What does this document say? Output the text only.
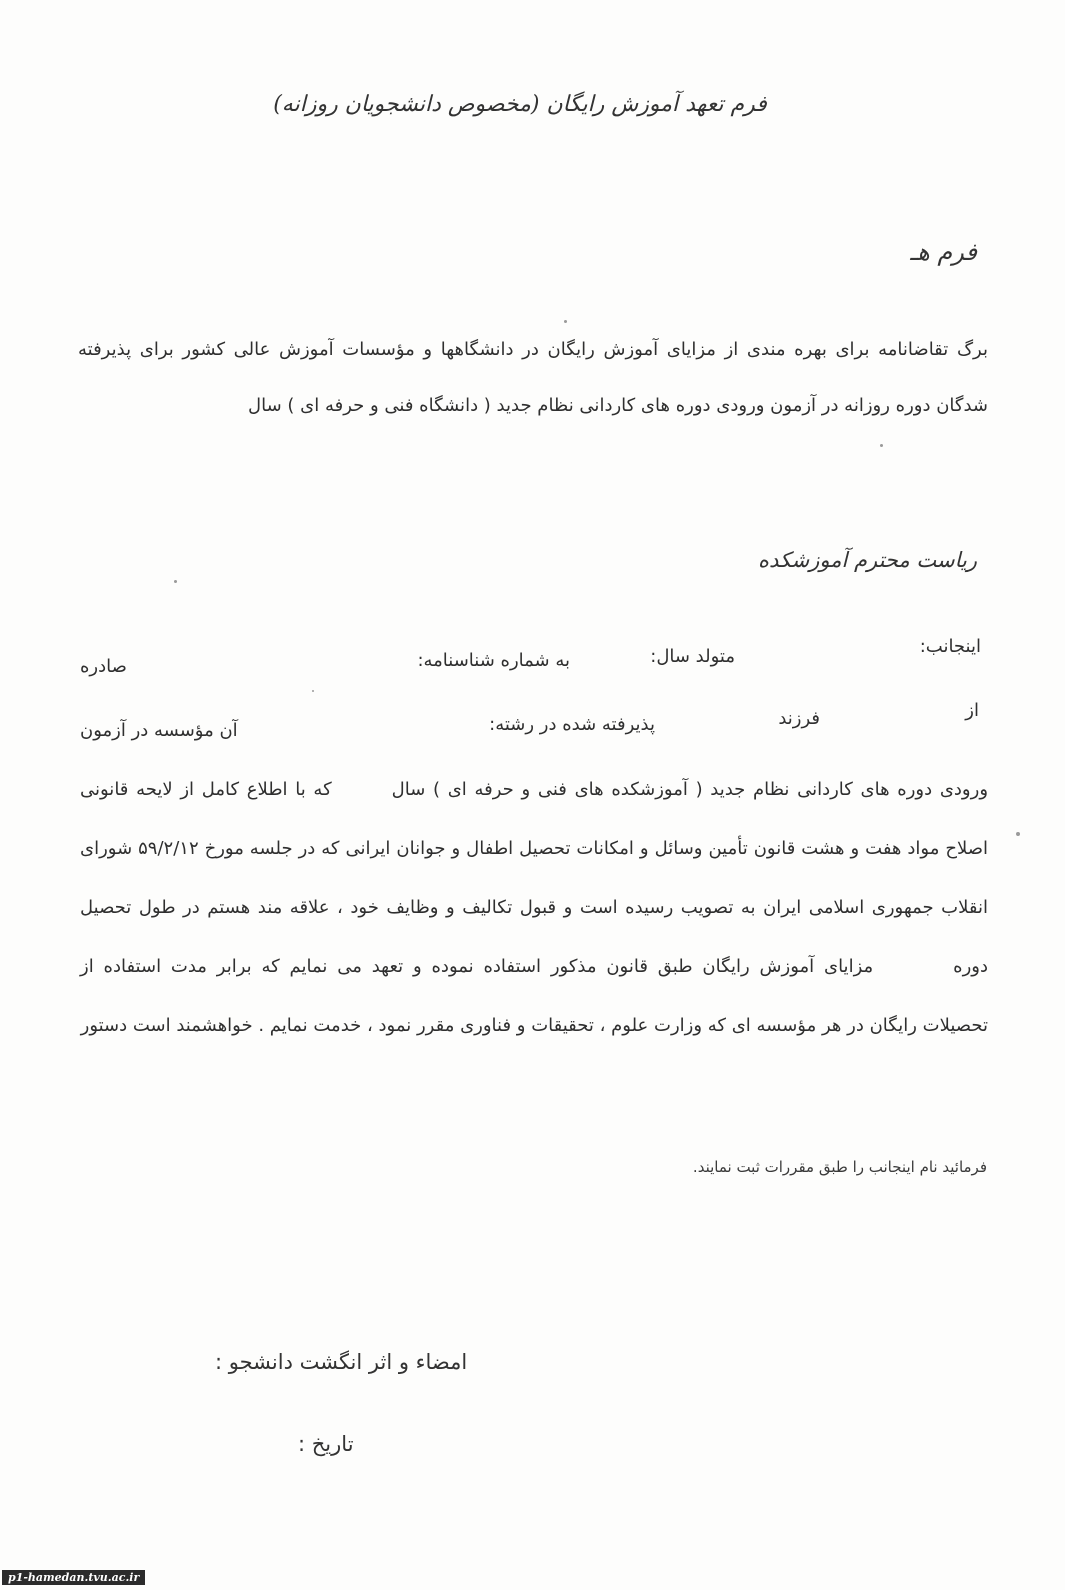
فرم تعهد آموزش رایگان (مخصوص دانشجویان روزانه)
فرم هـ
برگ تقاضانامه برای بهره مندی از مزایای آموزش رایگان در دانشگاهها و مؤسسات آموزش عالی کشور برای پذیرفته شدگان دوره روزانه در آزمون ورودی دوره های کاردانی نظام جدید ( دانشگاه فنی و حرفه ای ) سال
ریاست محترم آموزشکده
اینجانب:
متولد سال:
به شماره شناسنامه:
صادره
از
فرزند
پذیرفته شده در رشته:
آن مؤسسه در آزمون
ورودی دوره های کاردانی نظام جدید ( آموزشکده های فنی و حرفه ای ) سالکه با اطلاع کامل از لایحه قانونی اصلاح مواد هفت و هشت قانون تأمین وسائل و امکانات تحصیل اطفال و جوانان ایرانی که در جلسه مورخ ۵۹/۲/۱۲ شورای انقلاب جمهوری اسلامی ایران به تصویب رسیده است و قبول تکالیف و وظایف خود ، علاقه مند هستم در طول تحصیل دورهمزایای آموزش رایگان طبق قانون مذکور استفاده نموده و تعهد می نمایم که برابر مدت استفاده از تحصیلات رایگان در هر مؤسسه ای که وزارت علوم ، تحقیقات و فناوری مقرر نمود ، خدمت نمایم . خواهشمند است دستور
فرمائید نام اینجانب را طبق مقررات ثبت نمایند.
امضاء و اثر انگشت دانشجو :
تاریخ :
p1-hamedan.tvu.ac.ir
